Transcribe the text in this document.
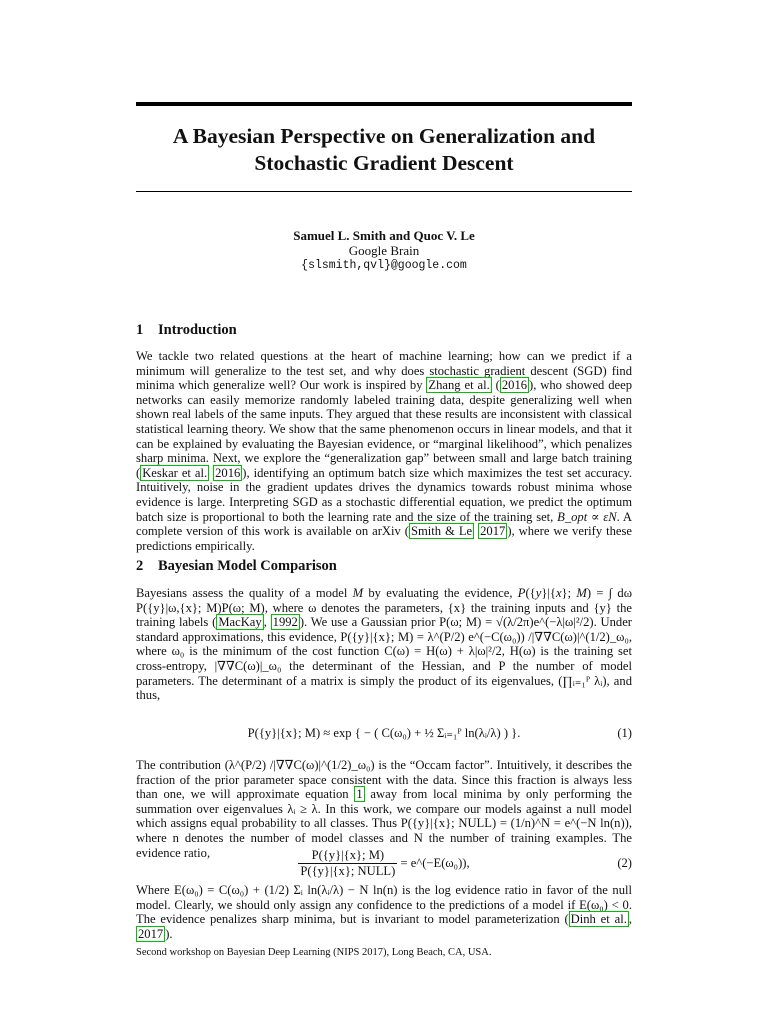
A Bayesian Perspective on Generalization and
Stochastic Gradient Descent
Samuel L. Smith and Quoc V. Le
Google Brain
{slsmith,qvl}@google.com
1 Introduction

We tackle two related questions at the heart of machine learning; how can we predict if a minimum will generalize to the test set, and why does stochastic gradient descent (SGD) find minima which generalize well? Our work is inspired by Zhang et al. ( 2016 ), who showed deep networks can easily memorize randomly labeled training data, despite generalizing well when shown real labels of the same inputs. They argued that these results are inconsistent with classical statistical learning theory. We show that the same phenomenon occurs in linear models, and that it can be explained by evaluating the Bayesian evidence, or “marginal likelihood”, which penalizes sharp minima. Next, we explore the “generalization gap” between small and large batch training ( Keskar et al. 2016 ), identifying an optimum batch size which maximizes the test set accuracy. Intuitively, noise in the gradient updates drives the dynamics towards robust minima whose evidence is large. Interpreting SGD as a stochastic differential equation, we predict the optimum batch size is proportional to both the learning rate and the size of the training set, B_opt ∝ εN. A complete version of this work is available on arXiv ( Smith & Le 2017 ), where we verify these predictions empirically.

2 Bayesian Model Comparison

Bayesians assess the quality of a model M by evaluating the evidence, P({y}|{x}; M) = ∫ dω P({y}|ω,{x}; M)P(ω; M), where ω denotes the parameters, {x} the training inputs and {y} the training labels ( MacKay , 1992 ). We use a Gaussian prior P(ω; M) = √(λ/2π)e^(−λ|ω|²/2). Under standard approximations, this evidence, P({y}|{x}; M) = λ^(P/2) e^(−C(ω₀)) /|∇∇C(ω)|^(1/2)_ω₀, where ω₀ is the minimum of the cost function C(ω) = H(ω) + λ|ω|²/2, H(ω) is the training set cross-entropy, |∇∇C(ω)|_ω₀ the determinant of the Hessian, and P the number of model parameters. The determinant of a matrix is simply the product of its eigenvalues, (∏ᵢ₌₁ᴾ λᵢ), and thus,

P({y}|{x}; M) ≈ exp { − ( C(ω₀) + ½ Σᵢ₌₁ᴾ ln(λᵢ/λ) ) }.	(1)

The contribution (λ^(P/2) /|∇∇C(ω)|^(1/2)_ω₀) is the “Occam factor”. Intuitively, it describes the fraction of the prior parameter space consistent with the data. Since this fraction is always less than one, we will approximate equation 1 away from local minima by only performing the summation over eigenvalues λᵢ ≥ λ. In this work, we compare our models against a null model which assigns equal probability to all classes. Thus P({y}|{x}; NULL) = (1/n)^N = e^(−N ln(n)), where n denotes the number of model classes and N the number of training examples. The evidence ratio,	$\frac{P(\{y\}|\{x\}; M)}{\text{P(\{y\}|\{x\}; NULL)}}$ = e^(−E(ω₀)),	(2)

Where E(ω₀) = C(ω₀) + (1/2) Σᵢ ln(λᵢ/λ) − N ln(n) is the log evidence ratio in favor of the null model. Clearly, we should only assign any confidence to the predictions of a model if E(ω₀) < 0. The evidence penalizes sharp minima, but is invariant to model parameterization ( Dinh et al. , 2017 ).

Second workshop on Bayesian Deep Learning (NIPS 2017), Long Beach, CA, USA.
